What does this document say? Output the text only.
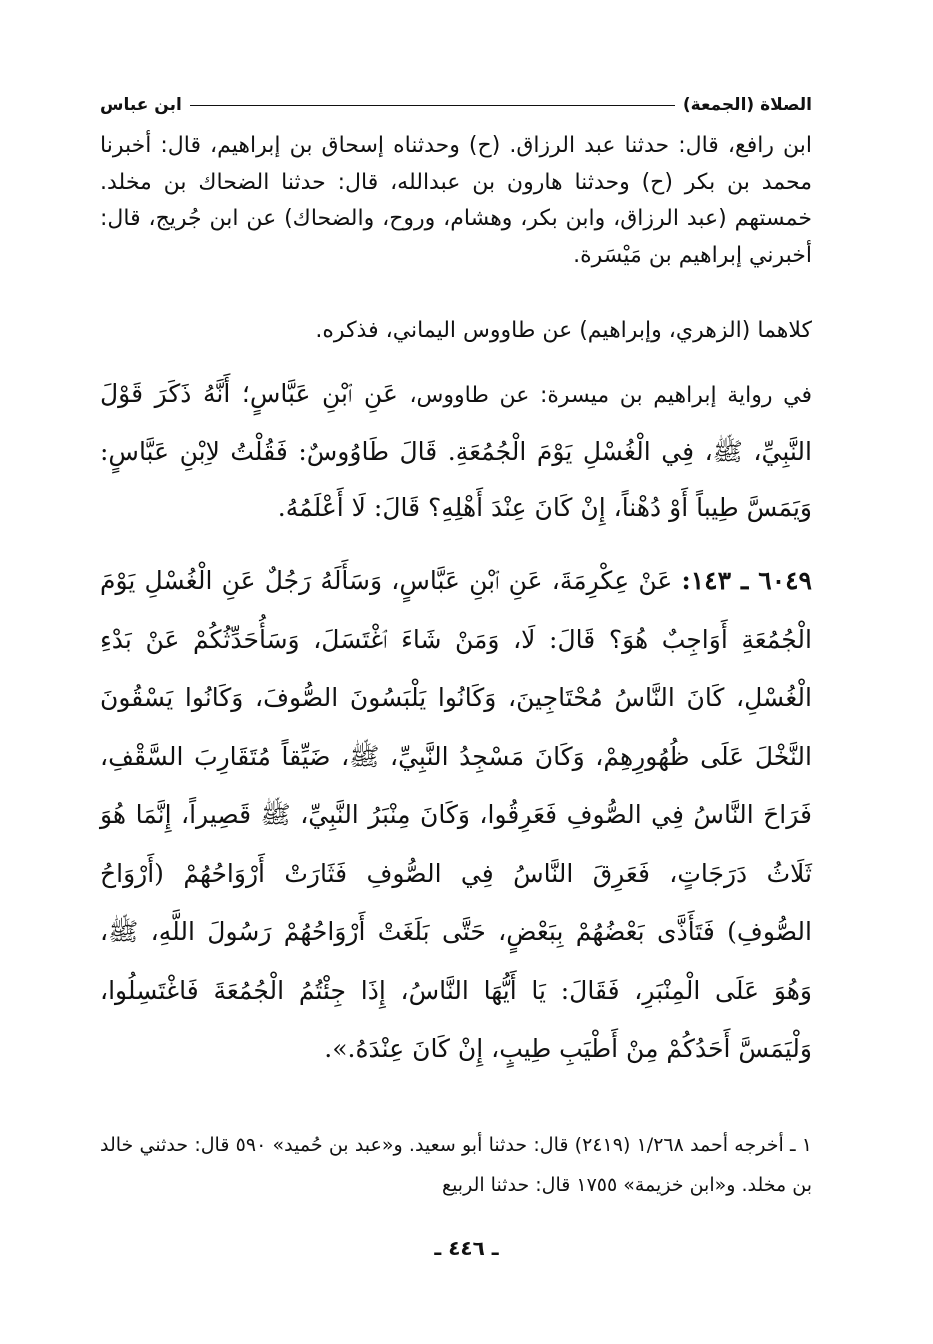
الصلاة (الجمعة)
ابن عباس
ابن رافع، قال: حدثنا عبد الرزاق. (ح) وحدثناه إسحاق بن إبراهيم، قال: أخبرنا محمد بن بكر (ح) وحدثنا هارون بن عبدالله، قال: حدثنا الضحاك بن مخلد. خمستهم (عبد الرزاق، وابن بكر، وهشام، وروح، والضحاك) عن ابن جُريج، قال: أخبرني إبراهيم بن مَيْسَرة.
كلاهما (الزهري، وإبراهيم) عن طاووس اليماني، فذكره.
في رواية إبراهيم بن ميسرة: عن طاووس، عَنِ ٱبْنِ عَبَّاسٍ؛ أَنَّهُ ذَكَرَ قَوْلَ النَّبِيِّ، ﷺ، فِي الْغُسْلِ يَوْمَ الْجُمُعَةِ. قَالَ طَاوُوسٌ: فَقُلْتُ لاِبْنِ عَبَّاسٍ: وَيَمَسَّ طِيباً أَوْ دُهْناً، إِنْ كَانَ عِنْدَ أَهْلِهِ؟ قَالَ: لَا أَعْلَمُهُ.
٦٠٤٩ ـ ١٤٣: عَنْ عِكْرِمَةَ، عَنِ ٱبْنِ عَبَّاسٍ، وَسَأَلَهُ رَجُلٌ عَنِ الْغُسْلِ يَوْمَ الْجُمُعَةِ أَوَاجِبٌ هُوَ؟ قَالَ: لَا، وَمَنْ شَاءَ ٱغْتَسَلَ، وَسَأُحَدِّثُكُمْ عَنْ بَدْءِ الْغُسْلِ، كَانَ النَّاسُ مُحْتَاجِينَ، وَكَانُوا يَلْبَسُونَ الصُّوفَ، وَكَانُوا يَسْقُونَ النَّخْلَ عَلَى ظُهُورِهِمْ، وَكَانَ مَسْجِدُ النَّبِيِّ، ﷺ، ضَيِّقاً مُتَقَارِبَ السَّقْفِ، فَرَاحَ النَّاسُ فِي الصُّوفِ فَعَرِقُوا، وَكَانَ مِنْبَرُ النَّبِيِّ، ﷺ قَصِيراً، إِنَّمَا هُوَ ثَلَاثُ دَرَجَاتٍ، فَعَرِقَ النَّاسُ فِي الصُّوفِ فَثَارَتْ أَرْوَاحُهُمْ (أَرْوَاحُ الصُّوفِ) فَتَأَذَّى بَعْضُهُمْ بِبَعْضٍ، حَتَّى بَلَغَتْ أَرْوَاحُهُمْ رَسُولَ اللَّهِ، ﷺ، وَهُوَ عَلَى الْمِنْبَرِ، فَقَالَ: يَا أَيُّهَا النَّاسُ، إِذَا جِئْتُمُ الْجُمُعَةَ فَاغْتَسِلُوا، وَلْيَمَسَّ أَحَدُكُمْ مِنْ أَطْيَبِ طِيبٍ، إِنْ كَانَ عِنْدَهُ.».
١ ـ أخرجه أحمد ١/٢٦٨ (٢٤١٩) قال: حدثنا أبو سعيد. و«عبد بن حُميد» ٥٩٠ قال: حدثني خالد بن مخلد. و«ابن خزيمة» ١٧٥٥ قال: حدثنا الربيع
ـ ٤٤٦ ـ
